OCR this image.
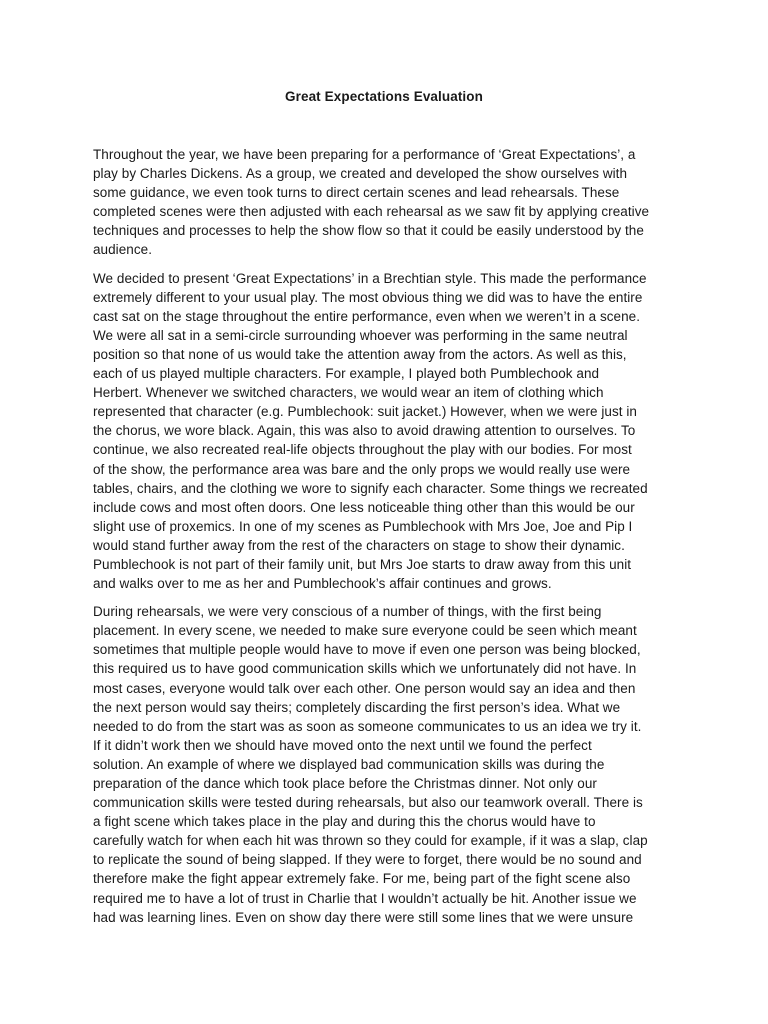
Great Expectations Evaluation

Throughout the year, we have been preparing for a performance of ‘Great Expectations’, a
play by Charles Dickens. As a group, we created and developed the show ourselves with
some guidance, we even took turns to direct certain scenes and lead rehearsals. These
completed scenes were then adjusted with each rehearsal as we saw fit by applying creative
techniques and processes to help the show flow so that it could be easily understood by the
audience.

We decided to present ‘Great Expectations’ in a Brechtian style. This made the performance
extremely different to your usual play. The most obvious thing we did was to have the entire
cast sat on the stage throughout the entire performance, even when we weren’t in a scene.
We were all sat in a semi-circle surrounding whoever was performing in the same neutral
position so that none of us would take the attention away from the actors. As well as this,
each of us played multiple characters. For example, I played both Pumblechook and
Herbert. Whenever we switched characters, we would wear an item of clothing which
represented that character (e.g. Pumblechook: suit jacket.) However, when we were just in
the chorus, we wore black. Again, this was also to avoid drawing attention to ourselves. To
continue, we also recreated real-life objects throughout the play with our bodies. For most
of the show, the performance area was bare and the only props we would really use were
tables, chairs, and the clothing we wore to signify each character. Some things we recreated
include cows and most often doors. One less noticeable thing other than this would be our
slight use of proxemics. In one of my scenes as Pumblechook with Mrs Joe, Joe and Pip I
would stand further away from the rest of the characters on stage to show their dynamic.
Pumblechook is not part of their family unit, but Mrs Joe starts to draw away from this unit
and walks over to me as her and Pumblechook’s affair continues and grows.

During rehearsals, we were very conscious of a number of things, with the first being
placement. In every scene, we needed to make sure everyone could be seen which meant
sometimes that multiple people would have to move if even one person was being blocked,
this required us to have good communication skills which we unfortunately did not have. In
most cases, everyone would talk over each other. One person would say an idea and then
the next person would say theirs; completely discarding the first person’s idea. What we
needed to do from the start was as soon as someone communicates to us an idea we try it.
If it didn’t work then we should have moved onto the next until we found the perfect
solution. An example of where we displayed bad communication skills was during the
preparation of the dance which took place before the Christmas dinner. Not only our
communication skills were tested during rehearsals, but also our teamwork overall. There is
a fight scene which takes place in the play and during this the chorus would have to
carefully watch for when each hit was thrown so they could for example, if it was a slap, clap
to replicate the sound of being slapped. If they were to forget, there would be no sound and
therefore make the fight appear extremely fake. For me, being part of the fight scene also
required me to have a lot of trust in Charlie that I wouldn’t actually be hit. Another issue we
had was learning lines. Even on show day there were still some lines that we were unsure
